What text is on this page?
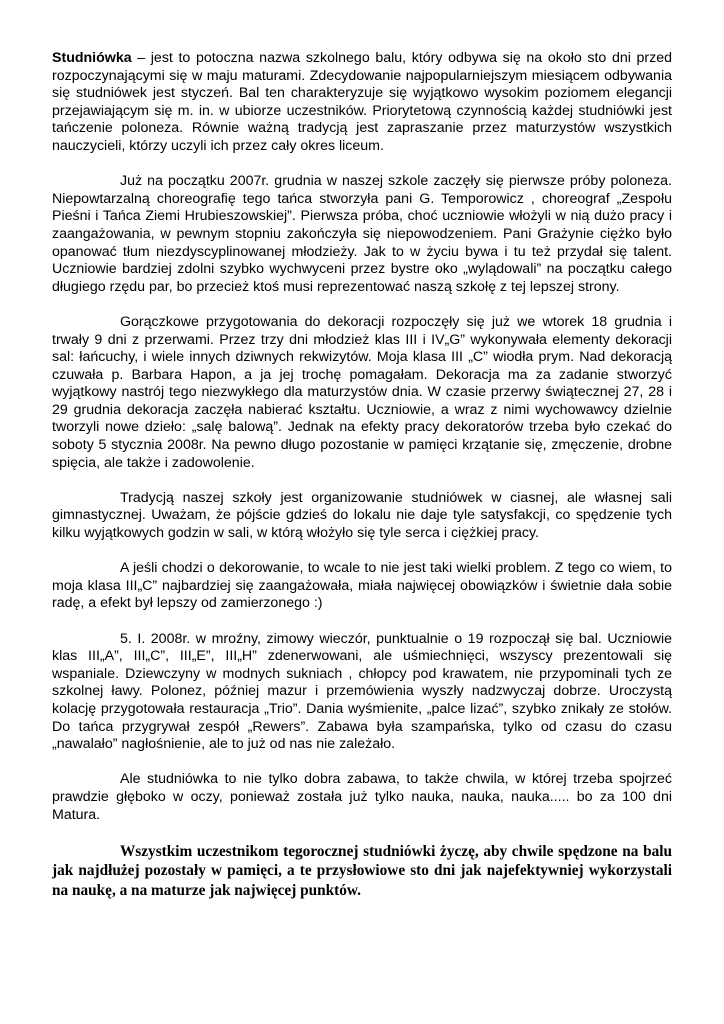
Studniówka – jest to potoczna nazwa szkolnego balu, który odbywa się na około sto dni przed rozpoczynającymi się w maju maturami. Zdecydowanie najpopularniejszym miesiącem odbywania się studniówek jest styczeń. Bal ten charakteryzuje się wyjątkowo wysokim poziomem elegancji przejawiającym się m. in. w ubiorze uczestników. Priorytetową czynnością każdej studniówki jest tańczenie poloneza. Równie ważną tradycją jest zapraszanie przez maturzystów wszystkich nauczycieli, którzy uczyli ich przez cały okres liceum.

Już na początku 2007r. grudnia w naszej szkole zaczęły się pierwsze próby poloneza. Niepowtarzalną choreografię tego tańca stworzyła pani G. Temporowicz , choreograf „Zespołu Pieśni i Tańca Ziemi Hrubieszowskiej”. Pierwsza próba, choć uczniowie włożyli w nią dużo pracy i zaangażowania, w pewnym stopniu zakończyła się niepowodzeniem. Pani Grażynie ciężko było opanować tłum niezdyscyplinowanej młodzieży. Jak to w życiu bywa i tu też przydał się talent. Uczniowie bardziej zdolni szybko wychwyceni przez bystre oko „wylądowali” na początku całego długiego rzędu par, bo przecież ktoś musi reprezentować naszą szkołę z tej lepszej strony.

Gorączkowe przygotowania do dekoracji rozpoczęły się już we wtorek 18 grudnia i trwały 9 dni z przerwami. Przez trzy dni młodzież klas III i IV„G” wykonywała elementy dekoracji sal: łańcuchy, i wiele innych dziwnych rekwizytów. Moja klasa III „C” wiodła prym. Nad dekoracją czuwała p. Barbara Hapon, a ja jej trochę pomagałam. Dekoracja ma za zadanie stworzyć wyjątkowy nastrój tego niezwykłego dla maturzystów dnia. W czasie przerwy świątecznej 27, 28 i 29 grudnia dekoracja zaczęła nabierać kształtu. Uczniowie, a wraz z nimi wychowawcy dzielnie tworzyli nowe dzieło: „salę balową”. Jednak na efekty pracy dekoratorów trzeba było czekać do soboty 5 stycznia 2008r. Na pewno długo pozostanie w pamięci krzątanie się, zmęczenie, drobne spięcia, ale także i zadowolenie.

Tradycją naszej szkoły jest organizowanie studniówek w ciasnej, ale własnej sali gimnastycznej. Uważam, że pójście gdzieś do lokalu nie daje tyle satysfakcji, co spędzenie tych kilku wyjątkowych godzin w sali, w którą włożyło się tyle serca i ciężkiej pracy.

A jeśli chodzi o dekorowanie, to wcale to nie jest taki wielki problem. Z tego co wiem, to moja klasa III„C” najbardziej się zaangażowała, miała najwięcej obowiązków i świetnie dała sobie radę, a efekt był lepszy od zamierzonego :)

5. I. 2008r. w mroźny, zimowy wieczór, punktualnie o 19 rozpoczął się bal. Uczniowie klas III„A”, III„C”, III„E”, III„H” zdenerwowani, ale uśmiechnięci, wszyscy prezentowali się wspaniale. Dziewczyny w modnych sukniach , chłopcy pod krawatem, nie przypominali tych ze szkolnej ławy. Polonez, później mazur i przemówienia wyszły nadzwyczaj dobrze. Uroczystą kolację przygotowała restauracja „Trio”. Dania wyśmienite, „palce lizać”, szybko znikały ze stołów. Do tańca przygrywał zespół „Rewers”. Zabawa była szampańska, tylko od czasu do czasu „nawalało” nagłośnienie, ale to już od nas nie zależało.

Ale studniówka to nie tylko dobra zabawa, to także chwila, w której trzeba spojrzeć prawdzie głęboko w oczy, ponieważ została już tylko nauka, nauka, nauka..... bo za 100 dni Matura.

Wszystkim uczestnikom tegorocznej studniówki życzę, aby chwile spędzone na balu jak najdłużej pozostały w pamięci, a te przysłowiowe sto dni jak najefektywniej wykorzystali na naukę, a na maturze jak najwięcej punktów.
